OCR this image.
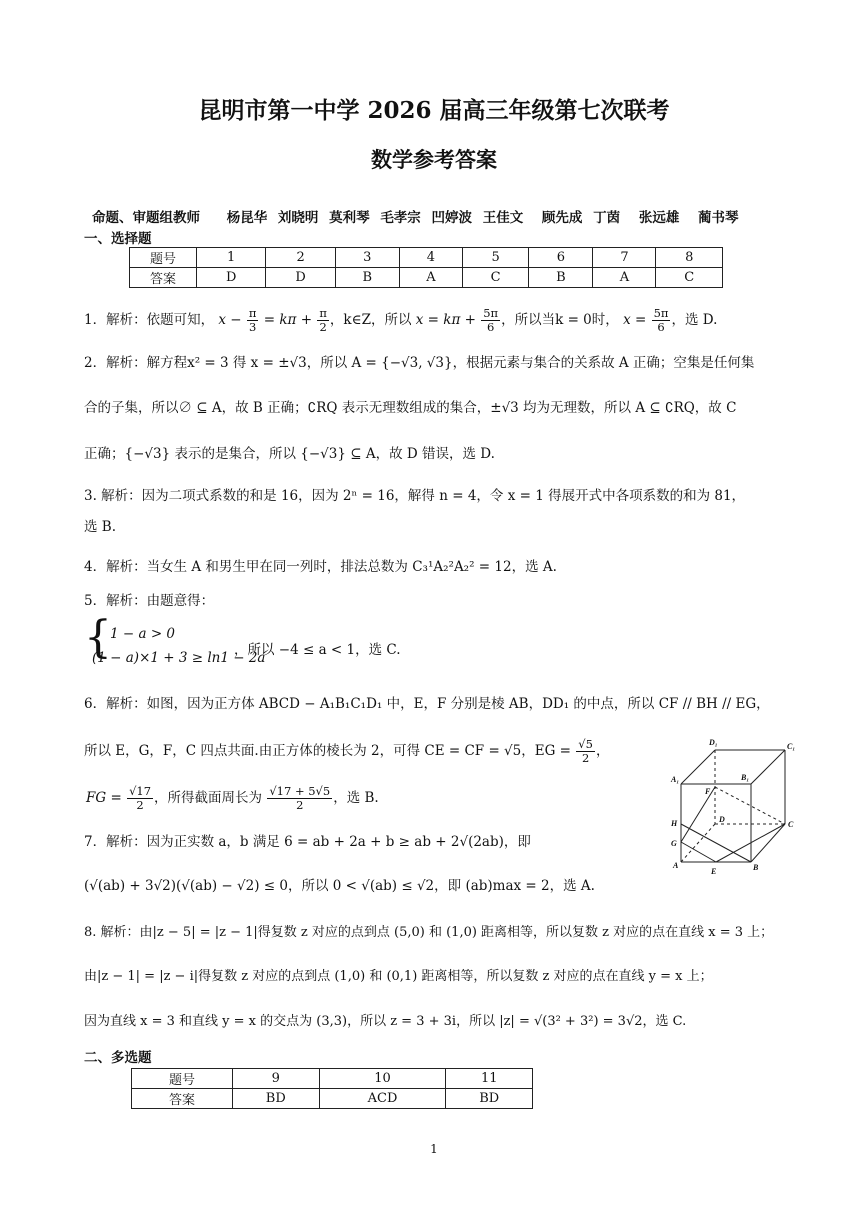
昆明市第一中学 2026 届高三年级第七次联考
数学参考答案
命题、审题组教师 杨昆华 刘晓明 莫利琴 毛孝宗 凹婷波 王佳文 顾先成 丁茵 张远雄 蔺书琴
一、选择题
题号	1	2	3	4	5	6	7	8
答案	D	D	B	A	C	B	A	C
1．解析：依题可知， $x - \frac{\pi}{3} = k\pi + \frac{\pi}{2}$ ，k∈Z，所以 $x = k\pi + \frac{5\pi}{6}$ ，所以当k = 0时， $x = \frac{5\pi}{6}$ ，选 D.
2．解析：解方程x² = 3 得 x = ±√3，所以 A = {−√3, √3}，根据元素与集合的关系故 A 正确；空集是任何集
合的子集，所以∅ ⊆ A，故 B 正确；∁RQ 表示无理数组成的集合，±√3 均为无理数，所以 A ⊆ ∁RQ，故 C
正确；{−√3} 表示的是集合，所以 {−√3} ⊆ A，故 D 错误，选 D.
3. 解析：因为二项式系数的和是 16，因为 2ⁿ = 16，解得 n = 4，令 x = 1 得展开式中各项系数的和为 81，
选 B.
4．解析：当女生 A 和男生甲在同一列时，排法总数为 C₃¹A₂²A₂² = 12，选 A.
5．解析：由题意得：
{
1 − a > 0
(1 − a)×1 + 3 ≥ ln1 − 2a
，所以 −4 ≤ a < 1，选 C.
6．解析：如图，因为正方体 ABCD − A₁B₁C₁D₁ 中，E，F 分别是棱 AB，DD₁ 的中点，所以 CF // BH // EG，
所以 E，G，F，C 四点共面.由正方体的棱长为 2，可得 CE = CF = √5，EG = $\frac{√5}{2}$ ，
FG = $\frac{√17}{2}$ ，所得截面周长为 $\frac{√17 + 5√5}{2}$ ，选 B.
D₁	C₁
A₁	B₁
F
D
C
H
G
A
E	B
7．解析：因为正实数 a，b 满足 6 = ab + 2a + b ≥ ab + 2√(2ab)，即
(√(ab) + 3√2)(√(ab) − √2) ≤ 0，所以 0 < √(ab) ≤ √2，即 (ab)max = 2，选 A.
8. 解析：由|z − 5| = |z − 1|得复数 z 对应的点到点 (5,0) 和 (1,0) 距离相等，所以复数 z 对应的点在直线 x = 3 上；
由|z − 1| = |z − i|得复数 z 对应的点到点 (1,0) 和 (0,1) 距离相等，所以复数 z 对应的点在直线 y = x 上；
因为直线 x = 3 和直线 y = x 的交点为 (3,3)，所以 z = 3 + 3i，所以 |z| = √(3² + 3²) = 3√2，选 C.
二、多选题
题号	9	10	11
答案	BD	ACD	BD
1
